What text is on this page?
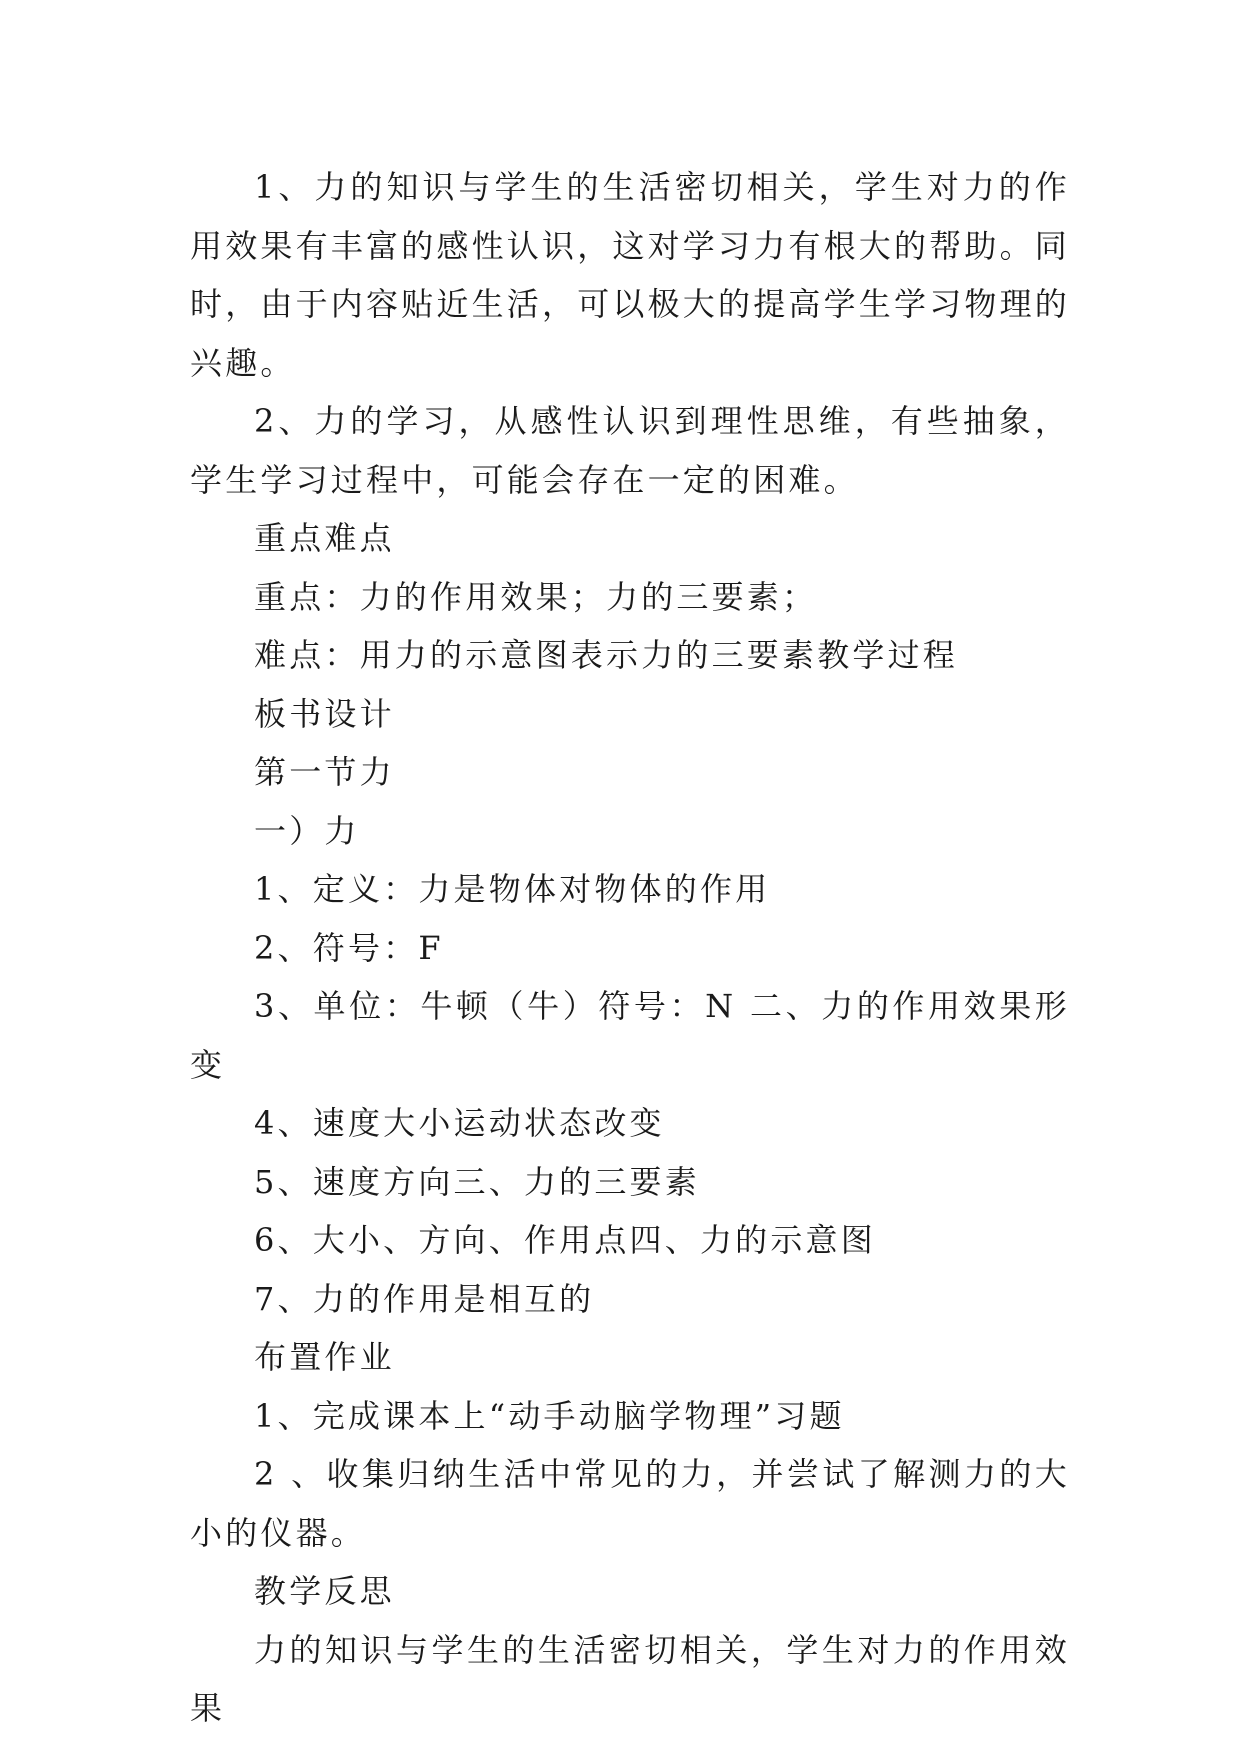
1、力的知识与学生的生活密切相关，学生对力的作用效果有丰富的感性认识，这对学习力有根大的帮助。同时，由于内容贴近生活，可以极大的提高学生学习物理的兴趣。

2、力的学习，从感性认识到理性思维，有些抽象，学生学习过程中，可能会存在一定的困难。

重点难点

重点：力的作用效果；力的三要素；

难点：用力的示意图表示力的三要素教学过程

板书设计

第一节力

一）力

1、定义：力是物体对物体的作用

2、符号：F

3、单位：牛顿（牛）符号：N 二、力的作用效果形变

4、速度大小运动状态改变

5、速度方向三、力的三要素

6、大小、方向、作用点四、力的示意图

7、力的作用是相互的

布置作业

1、完成课本上“动手动脑学物理”习题

2 、收集归纳生活中常见的力，并尝试了解测力的大小的仪器。

教学反思

力的知识与学生的生活密切相关，学生对力的作用效果
